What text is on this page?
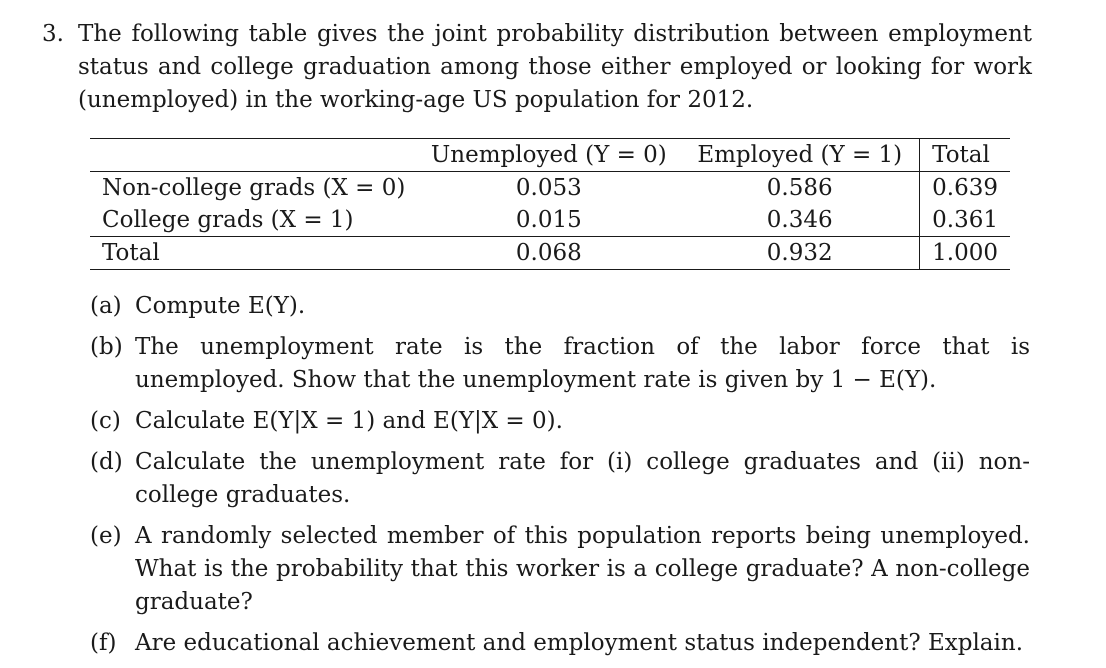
3. The following table gives the joint probability distribution between employment status and college graduation among those either employed or looking for work (unemployed) in the working-age US population for 2012.
	Unemployed (Y = 0)	Employed (Y = 1)	Total
Non-college grads (X = 0)	0.053	0.586	0.639
College grads (X = 1)	0.015	0.346	0.361
Total	0.068	0.932	1.000
(a) Compute E(Y).
(b) The unemployment rate is the fraction of the labor force that is unemployed. Show that the unemployment rate is given by 1 − E(Y).
(c) Calculate E(Y|X = 1) and E(Y|X = 0).
(d) Calculate the unemployment rate for (i) college graduates and (ii) non-college graduates.
(e) A randomly selected member of this population reports being unemployed. What is the probability that this worker is a college graduate? A non-college graduate?
(f) Are educational achievement and employment status independent? Explain.
